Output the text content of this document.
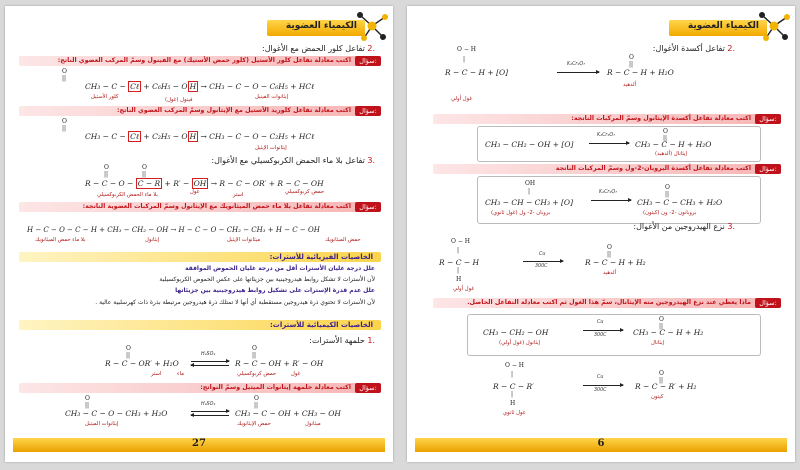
الكيمياء العضوية
.2 تفاعل كلور الحمض مع الأغوال:
سؤال:
اكتب معادلة تفاعل كلور الأستيل (كلور حمض الأستيك) مع الفينول وسمّ المركب العضوي الناتج:
O
||
CH₃ − C − Cℓ + C₆H₅ − O H → CH₃ − C − O − C₆H₅ + HCℓ
كلور الأستيل	فينول (غول)	إيثانوات الفينيل
سؤال:
اكتب معادلة تفاعل كلوريد الأستيل مع الإيثانول وسمّ المركب العضوي الناتج:
O
||
CH₃ − C − Cℓ + C₂H₅ − O H → CH₃ − C − O − C₂H₅ + HCℓ
إيثانوات الإيثيل
.3 تفاعل بلا ماء الحمض الكربوكسيلي مع الأغوال:
O
||
O
||
R − C − O − C − R + R′ − OH → R − C − OR′ + R − C − OH
بلا ماء الحمض الكربوكسيلي	غول	استر	حمض كربوكسيلي
سؤال:
اكتب معادلة تفاعل بلا ماء حمض الميثانويك مع الإيثانول وسمّ المركبات العضوية الناتجة:
H − C − O − C − H + CH₃ − CH₂ − OH → H − C − O − CH₂ − CH₃ + H − C − OH
بلا ماء حمض الميثانويك	إيثانول	ميثانوات الإيثيل	حمض الميثانويك
الخاصيات الفيزيائية للأسترات:
علل درجة غليان الأسترات أقل من درجة غليان الحموض الموافقة
لأن الأسترات لا تشكل روابط هيدروجينية بين جزيئاتها على عكس الحموض الكربوكسيلية
علل عدم قدرة الإسترات على تشكيل روابط هيدروجينية بين جزيئاتها
لأن الأسترات لا تحتوي ذرة هيدروجين مستقطبة أي أنها لا تمتلك ذرة هيدروجين مرتبطة بذرة ذات كهرسلبية عالية .
الخاصيات الكيميائية للأسترات:
.1 حلمهة الأسترات:
O
||
O
||
R − C − OR′ + H₂O
H₂SO₄
→ R − C − OH + R′ − OH
استر	ماء	حمض كربوكسيلي	غول
سؤال:
اكتب معادلة حلمهة إيثانوات الميتيل وسمّ النواتج:
O
||
O
||
CH₃ − C − O − CH₃ + H₂O
H₂SO₄
→ CH₃ − C − OH + CH₃ − OH
إيثانوات الميتيل	حمض الإيثانويك	ميثانول
27
الكيمياء العضوية
.2 تفاعل أكسدة الأغوال:
O − H
|
R − C − H + [O]
K₂Cr₂O₇
O
||
R − C − H + H₂O
غول أولي
ألدهيد
سؤال:
اكتب معادلة تفاعل أكسدة الإيثانول وسمّ المركبات الناتجة:
CH₃ − CH₂ − OH + [O]
K₂Cr₂O₇
O
||
CH₃ − C − H + H₂O
إيثانال (ألدهيد)
سؤال:
اكتب معادلة تفاعل أكسدة البروبان-2-ول وسمّ المركبات الناتجة
OH
|
CH₃ − CH − CH₃ + [O]
K₂Cr₂O₇
O
||
CH₃ − C − CH₃ + H₂O
بروبان -2- ول (غول ثانوي)	بروبانون -2- ون (كيتون)
.3 نزع الهيدروجين من الأغوال:
O − H
|
R − C − H
|
H
Cu
300C
O
||
R − C − H + H₂
غول أولي
ألدهيد
سؤال:
ماذا يعطي عند نزع الهيدروجين منه الإيثانال، سمّ هذا الغول ثم اكتب معادلة التفاعل الحاصل.
CH₃ − CH₂ − OH
Cu
300C
O
||
CH₃ − C − H + H₂
إيثانول (غول أولي)	إيثانال
O − H
|
R − C − R′
|
H
Cu
300C
O
||
R − C − R′ + H₂
غول ثانوي
كيتون
6
